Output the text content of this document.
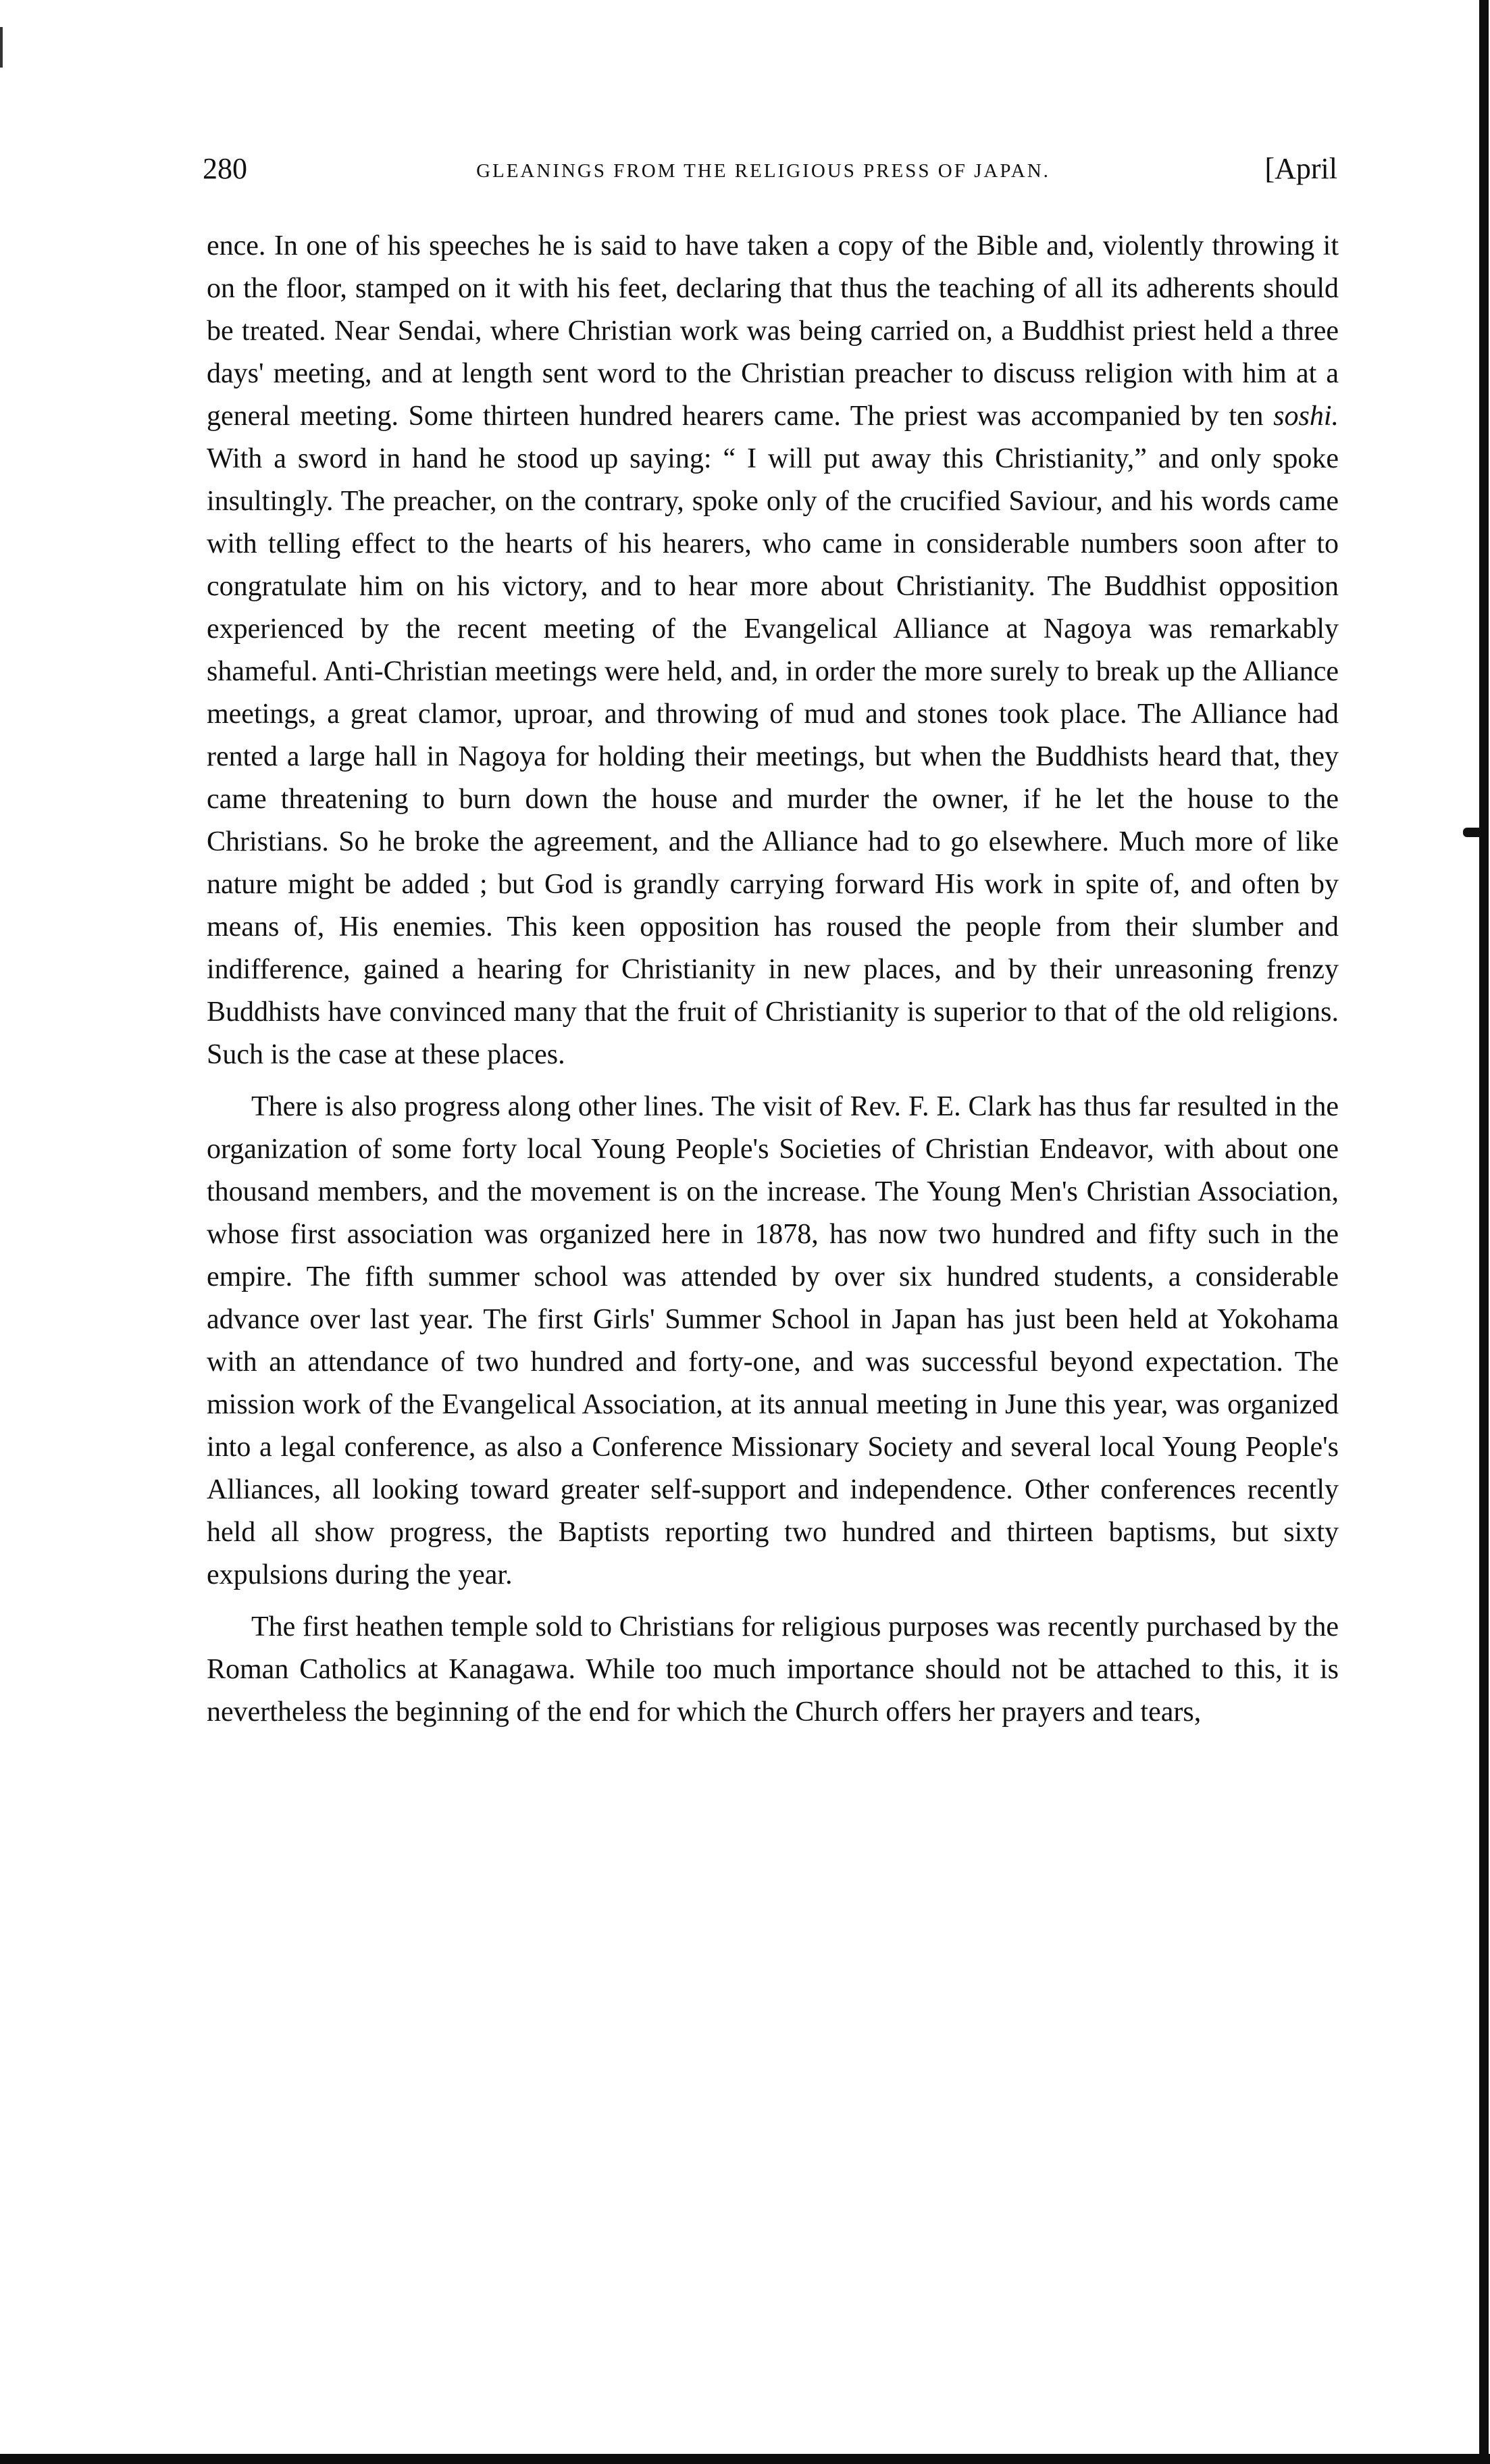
280	GLEANINGS FROM THE RELIGIOUS PRESS OF JAPAN.	[April

ence. In one of his speeches he is said to have taken a copy of the Bible and, violently throwing it on the floor, stamped on it with his feet, declaring that thus the teaching of all its adherents should be treated. Near Sendai, where Christian work was being carried on, a Buddhist priest held a three days' meeting, and at length sent word to the Christian preacher to discuss religion with him at a general meeting. Some thirteen hundred hearers came. The priest was accompanied by ten soshi. With a sword in hand he stood up saying: “ I will put away this Christianity,” and only spoke insultingly. The preacher, on the contrary, spoke only of the crucified Saviour, and his words came with telling effect to the hearts of his hearers, who came in considerable numbers soon after to congratulate him on his victory, and to hear more about Christianity. The Buddhist opposition experienced by the recent meeting of the Evangelical Alliance at Nagoya was remarkably shameful. Anti-Christian meetings were held, and, in order the more surely to break up the Alliance meetings, a great clamor, uproar, and throwing of mud and stones took place. The Alliance had rented a large hall in Nagoya for holding their meetings, but when the Buddhists heard that, they came threatening to burn down the house and murder the owner, if he let the house to the Christians. So he broke the agreement, and the Alliance had to go elsewhere. Much more of like nature might be added ; but God is grandly carrying forward His work in spite of, and often by means of, His enemies. This keen opposition has roused the people from their slumber and indifference, gained a hearing for Christianity in new places, and by their unreasoning frenzy Buddhists have convinced many that the fruit of Christianity is superior to that of the old religions. Such is the case at these places.

There is also progress along other lines. The visit of Rev. F. E. Clark has thus far resulted in the organization of some forty local Young People's Societies of Christian Endeavor, with about one thousand members, and the movement is on the increase. The Young Men's Christian Association, whose first association was organized here in 1878, has now two hundred and fifty such in the empire. The fifth summer school was attended by over six hundred students, a considerable advance over last year. The first Girls' Summer School in Japan has just been held at Yokohama with an attendance of two hundred and forty-one, and was successful beyond expectation. The mission work of the Evangelical Association, at its annual meeting in June this year, was organized into a legal conference, as also a Conference Missionary Society and several local Young People's Alliances, all looking toward greater self-support and independence. Other conferences recently held all show progress, the Baptists reporting two hundred and thirteen baptisms, but sixty expulsions during the year.

The first heathen temple sold to Christians for religious purposes was recently purchased by the Roman Catholics at Kanagawa. While too much importance should not be attached to this, it is nevertheless the beginning of the end for which the Church offers her prayers and tears,
